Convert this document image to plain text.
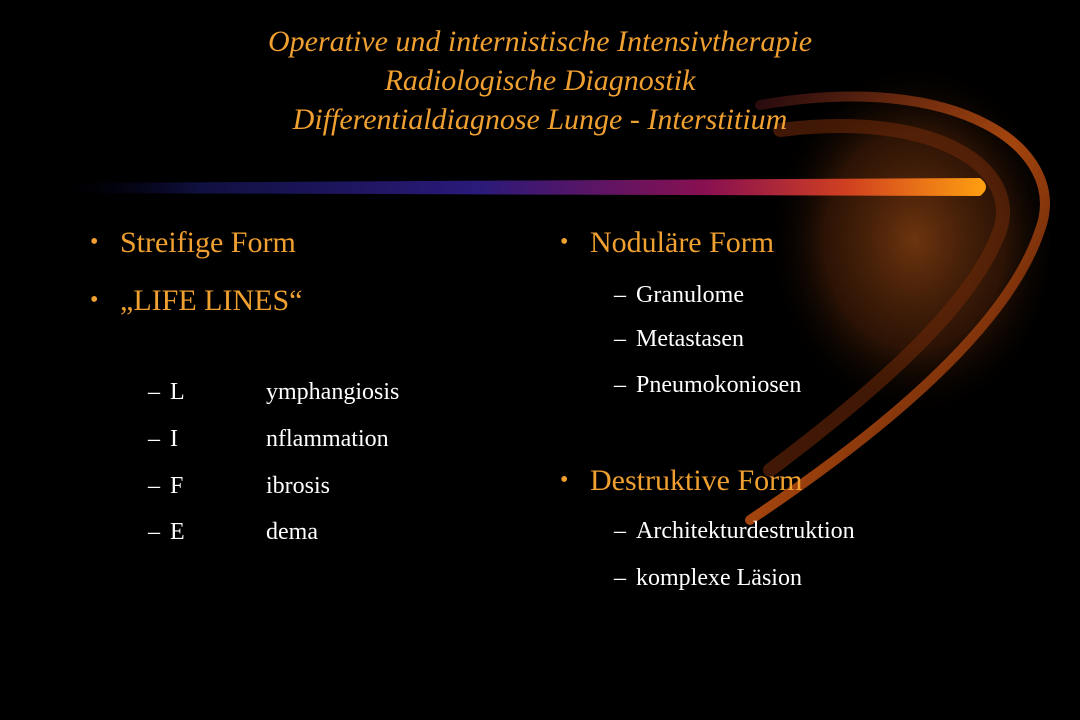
Operative und internistische Intensivtherapie
Radiologische Diagnostik
Differentialdiagnose Lunge - Interstitium
• Streifige Form
• „LIFE LINES“
– L	ymphangiosis
– I	nflammation
– F	ibrosis
– E	dema
• Noduläre Form
– Granulome
– Metastasen
– Pneumokoniosen
• Destruktive Form
– Architekturdestruktion
– komplexe Läsion
